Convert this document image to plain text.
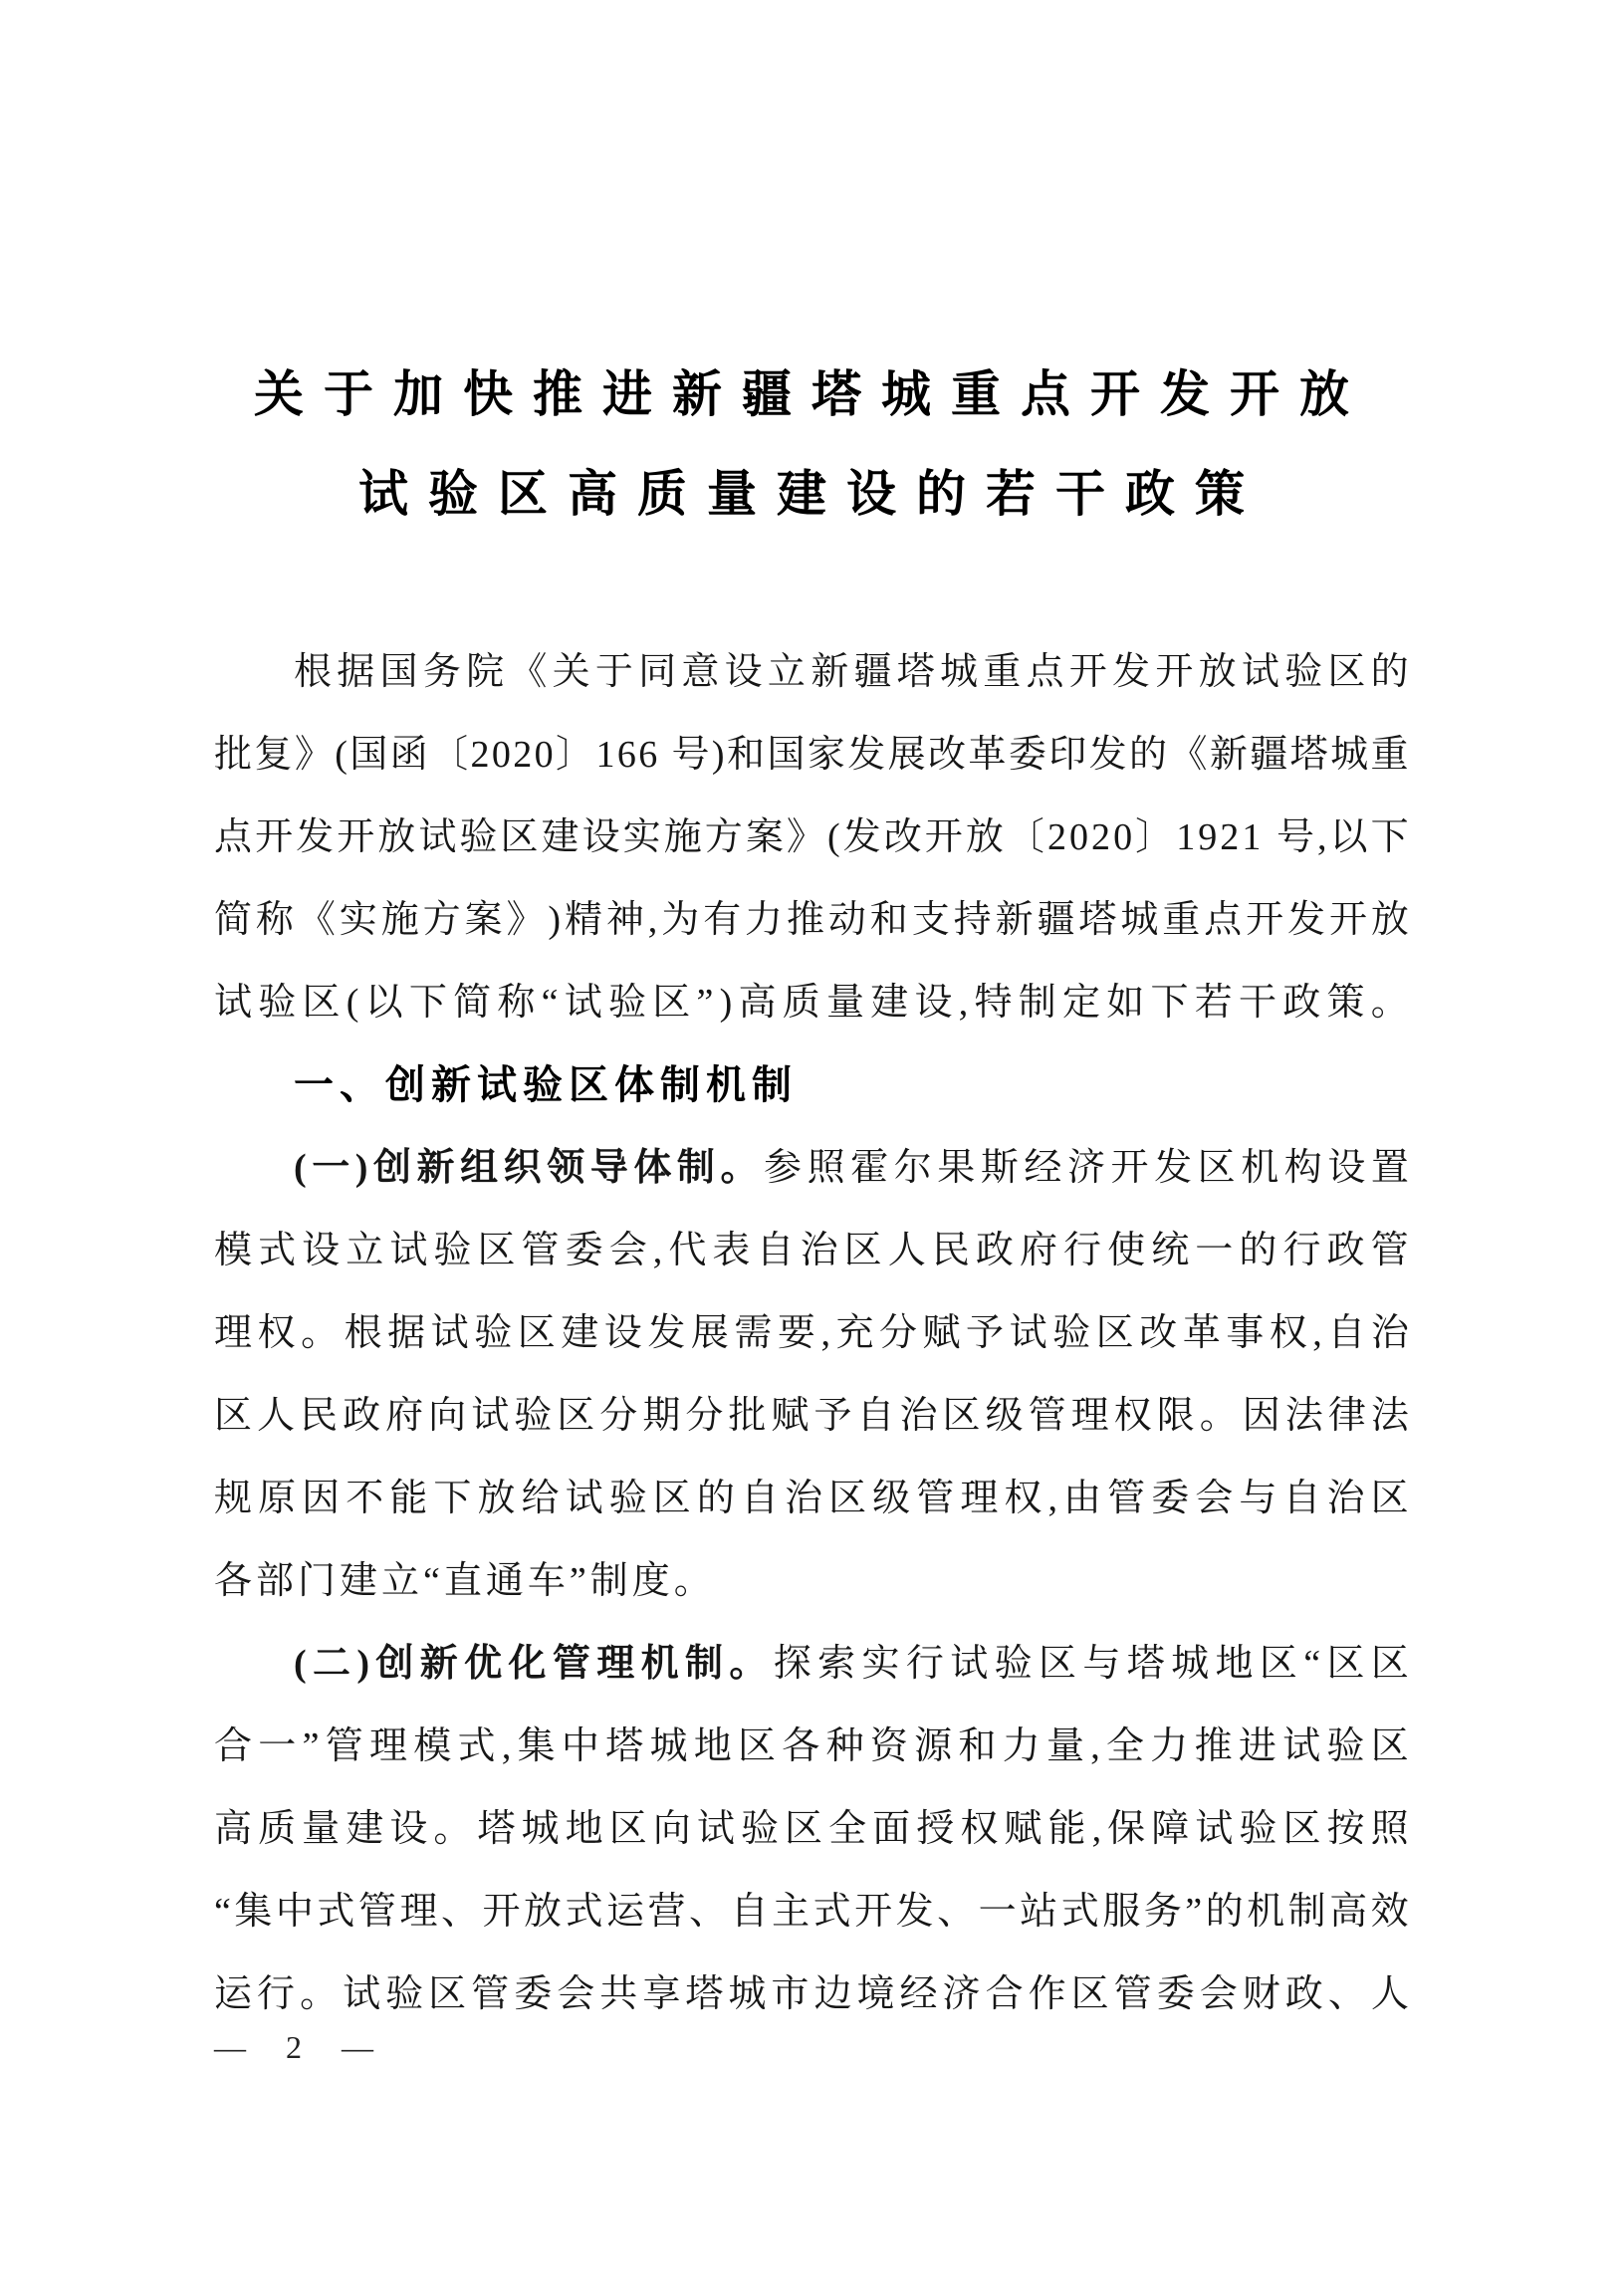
关于加快推进新疆塔城重点开发开放
试验区高质量建设的若干政策
根 据 国 务 院 《 关 于 同 意 设 立 新 疆 塔 城 重 点 开 发 开 放 试 验 区 的
批 复 》 ( 国 函 〔 2 0 2 0 〕 1 6 6
号 ) 和 国 家 发 展 改 革 委 印 发 的 《 新 疆 塔 城 重
点 开 发 开 放 试 验 区 建 设 实 施 方 案 》 ( 发 改 开 放 〔 2 0 2 0 〕 1 9 2 1
号 , 以 下
简 称 《 实 施 方 案 》 ) 精 神 , 为 有 力 推 动 和 支 持 新 疆 塔 城 重 点 开 发 开 放
试 验 区 ( 以 下 简 称 “ 试 验 区 ” ) 高 质 量 建 设 , 特 制 定 如 下 若 干 政 策 。
一、创新试验区体制机制
( 一 ) 创 新 组 织 领 导 体 制 。 参 照 霍 尔 果 斯 经 济 开 发 区 机 构 设 置
模 式 设 立 试 验 区 管 委 会 , 代 表 自 治 区 人 民 政 府 行 使 统 一 的 行 政 管
理 权 。 根 据 试 验 区 建 设 发 展 需 要 , 充 分 赋 予 试 验 区 改 革 事 权 , 自 治
区 人 民 政 府 向 试 验 区 分 期 分 批 赋 予 自 治 区 级 管 理 权 限 。 因 法 律 法
规 原 因 不 能 下 放 给 试 验 区 的 自 治 区 级 管 理 权 , 由 管 委 会 与 自 治 区
各部门建立“直通车”制度。
( 二 ) 创 新 优 化 管 理 机 制 。 探 索 实 行 试 验 区 与 塔 城 地 区 “ 区 区
合 一 ” 管 理 模 式 , 集 中 塔 城 地 区 各 种 资 源 和 力 量 , 全 力 推 进 试 验 区
高 质 量 建 设 。 塔 城 地 区 向 试 验 区 全 面 授 权 赋 能 , 保 障 试 验 区 按 照
“ 集 中 式 管 理 、 开 放 式 运 营 、 自 主 式 开 发 、 一 站 式 服 务 ” 的 机 制 高 效
运 行 。 试 验 区 管 委 会 共 享 塔 城 市 边 境 经 济 合 作 区 管 委 会 财 政 、 人
—  2  —
